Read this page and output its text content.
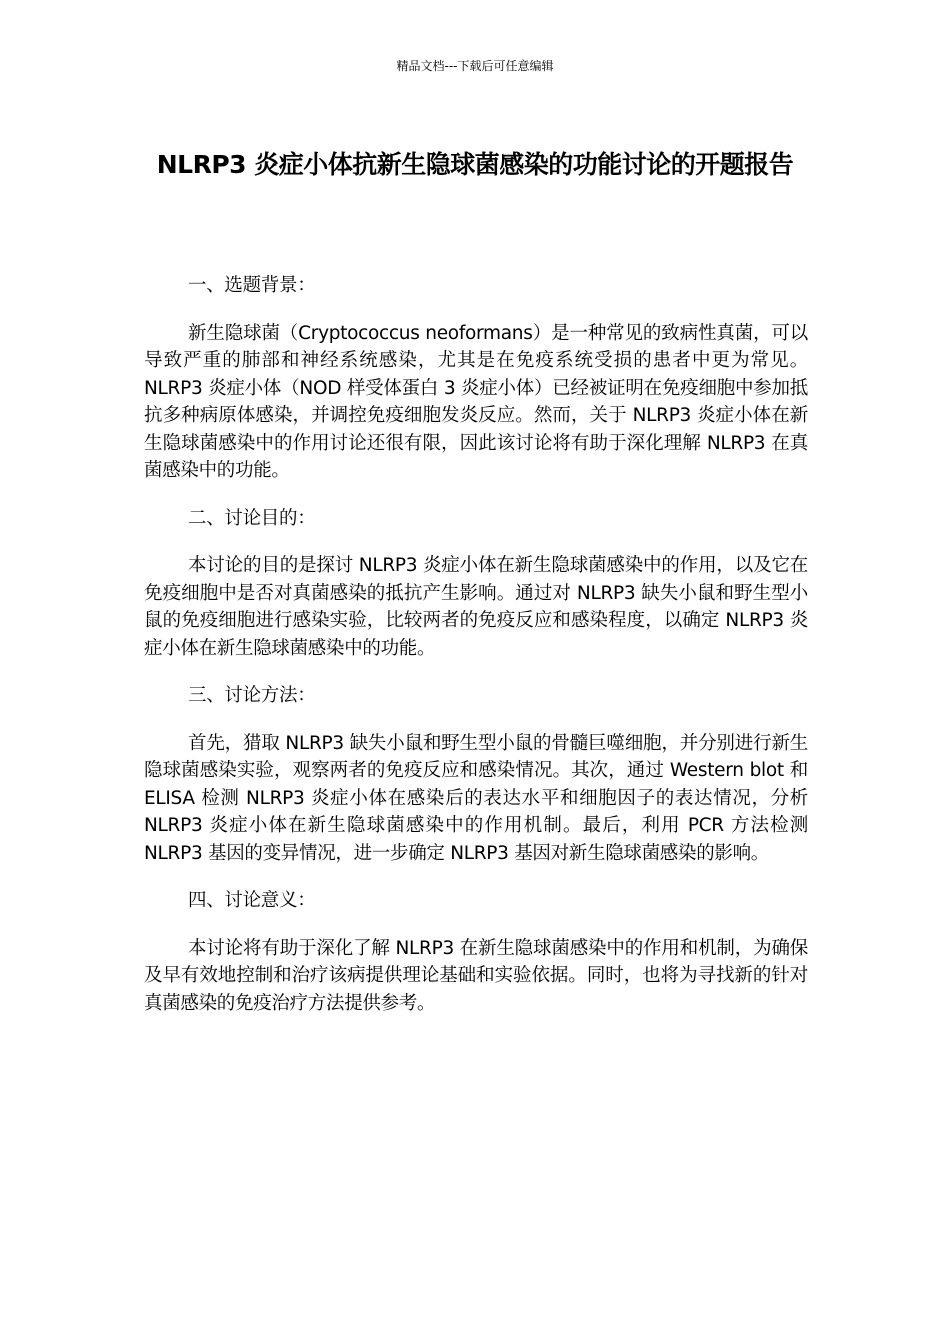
精品文档---下载后可任意编辑
NLRP3 炎症小体抗新生隐球菌感染的功能讨论的开题报告

一、选题背景：

新生隐球菌（Cryptococcus neoformans）是一种常见的致病性真菌，可以导致严重的肺部和神经系统感染，尤其是在免疫系统受损的患者中更为常见。NLRP3 炎症小体（NOD 样受体蛋白 3 炎症小体）已经被证明在免疫细胞中参加抵抗多种病原体感染，并调控免疫细胞发炎反应。然而，关于 NLRP3 炎症小体在新生隐球菌感染中的作用讨论还很有限，因此该讨论将有助于深化理解 NLRP3 在真菌感染中的功能。

二、讨论目的：

本讨论的目的是探讨 NLRP3 炎症小体在新生隐球菌感染中的作用，以及它在免疫细胞中是否对真菌感染的抵抗产生影响。通过对 NLRP3 缺失小鼠和野生型小鼠的免疫细胞进行感染实验，比较两者的免疫反应和感染程度，以确定 NLRP3 炎症小体在新生隐球菌感染中的功能。

三、讨论方法：

首先，猎取 NLRP3 缺失小鼠和野生型小鼠的骨髓巨噬细胞，并分别进行新生隐球菌感染实验，观察两者的免疫反应和感染情况。其次，通过 Western blot 和 ELISA 检测 NLRP3 炎症小体在感染后的表达水平和细胞因子的表达情况，分析 NLRP3 炎症小体在新生隐球菌感染中的作用机制。最后，利用 PCR 方法检测 NLRP3 基因的变异情况，进一步确定 NLRP3 基因对新生隐球菌感染的影响。

四、讨论意义：

本讨论将有助于深化了解 NLRP3 在新生隐球菌感染中的作用和机制，为确保及早有效地控制和治疗该病提供理论基础和实验依据。同时，也将为寻找新的针对真菌感染的免疫治疗方法提供参考。
